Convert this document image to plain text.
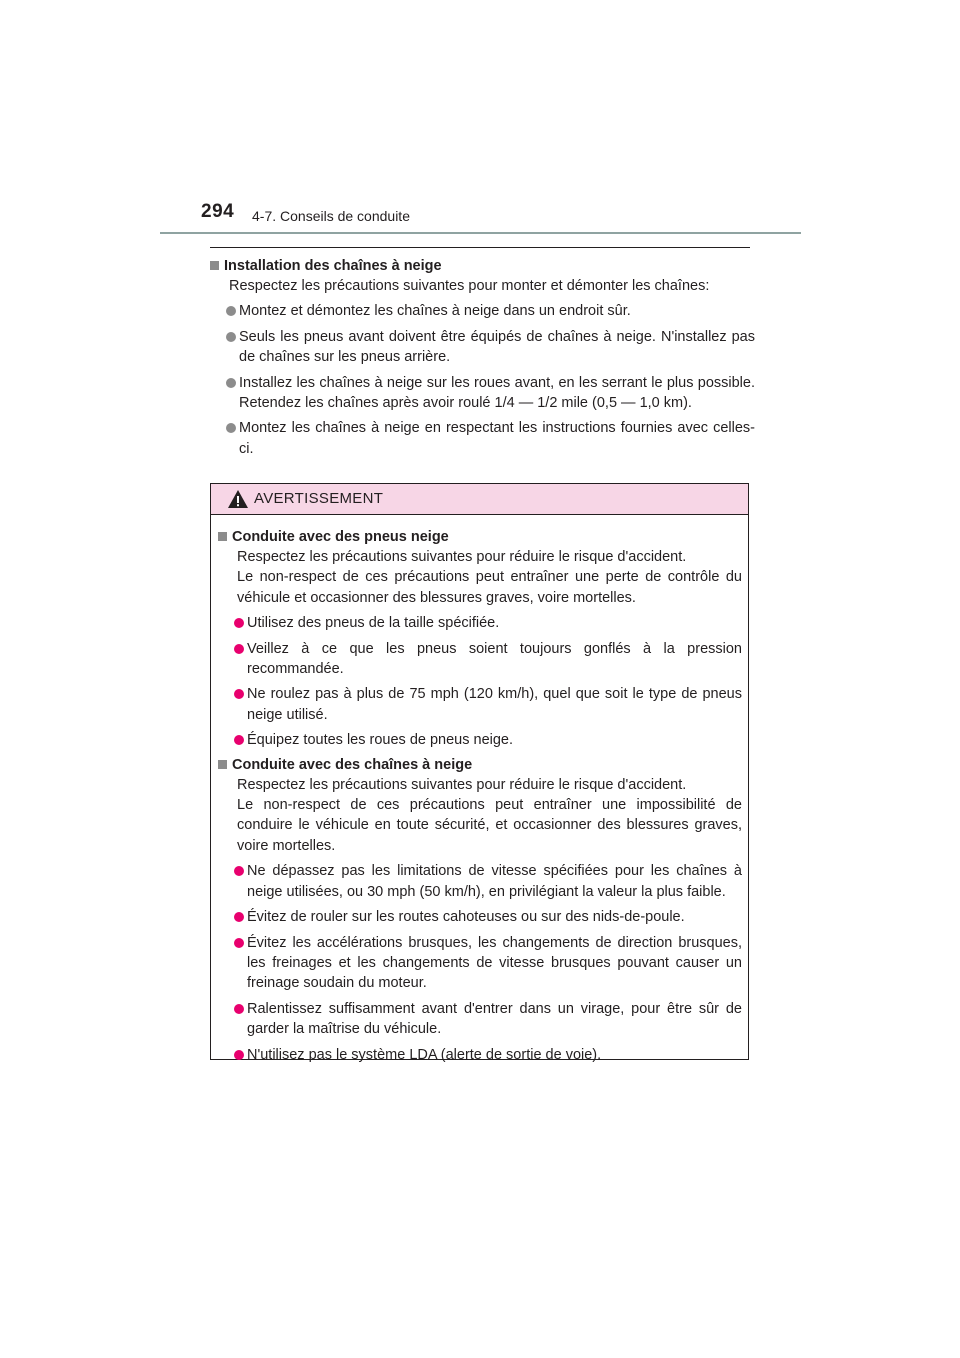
294 4-7. Conseils de conduite

Installation des chaînes à neige

Respectez les précautions suivantes pour monter et démonter les chaînes:

Montez et démontez les chaînes à neige dans un endroit sûr.
Seuls les pneus avant doivent être équipés de chaînes à neige. N'installez pas de chaînes sur les pneus arrière.
Installez les chaînes à neige sur les roues avant, en les serrant le plus possible. Retendez les chaînes après avoir roulé 1/4 — 1/2 mile (0,5 — 1,0 km).
Montez les chaînes à neige en respectant les instructions fournies avec celles-ci.
AVERTISSEMENT

Conduite avec des pneus neige

Respectez les précautions suivantes pour réduire le risque d'accident.

Le non-respect de ces précautions peut entraîner une perte de contrôle du véhicule et occasionner des blessures graves, voire mortelles.

Utilisez des pneus de la taille spécifiée.
Veillez à ce que les pneus soient toujours gonflés à la pression recommandée.
Ne roulez pas à plus de 75 mph (120 km/h), quel que soit le type de pneus neige utilisé.
Équipez toutes les roues de pneus neige.

Conduite avec des chaînes à neige

Respectez les précautions suivantes pour réduire le risque d'accident.

Le non-respect de ces précautions peut entraîner une impossibilité de conduire le véhicule en toute sécurité, et occasionner des blessures graves, voire mortelles.

Ne dépassez pas les limitations de vitesse spécifiées pour les chaînes à neige utilisées, ou 30 mph (50 km/h), en privilégiant la valeur la plus faible.
Évitez de rouler sur les routes cahoteuses ou sur des nids-de-poule.
Évitez les accélérations brusques, les changements de direction brusques, les freinages et les changements de vitesse brusques pouvant causer un freinage soudain du moteur.
Ralentissez suffisamment avant d'entrer dans un virage, pour être sûr de garder la maîtrise du véhicule.
N'utilisez pas le système LDA (alerte de sortie de voie).
